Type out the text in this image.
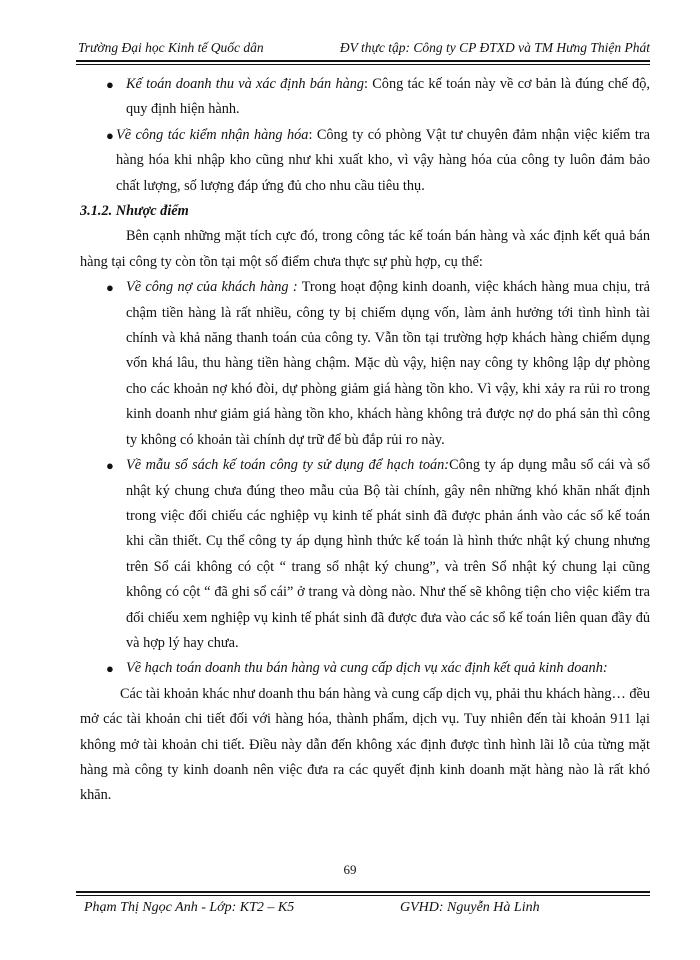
Trường Đại học Kinh tế Quốc dân	ĐV thực tập: Công ty CP ĐTXD và TM Hưng Thiện Phát

● Kế toán doanh thu và xác định bán hàng: Công tác kế toán này về cơ bản là đúng chế độ, quy định hiện hành.

● Về công tác kiểm nhận hàng hóa: Công ty có phòng Vật tư chuyên đảm nhận việc kiểm tra hàng hóa khi nhập kho cũng như khi xuất kho, vì vậy hàng hóa của công ty luôn đảm bảo chất lượng, số lượng đáp ứng đủ cho nhu cầu tiêu thụ.

3.1.2. Nhược điểm

Bên cạnh những mặt tích cực đó, trong công tác kế toán bán hàng và xác định kết quả bán hàng tại công ty còn tồn tại một số điểm chưa thực sự phù hợp, cụ thể:

● Về công nợ của khách hàng : Trong hoạt động kinh doanh, việc khách hàng mua chịu, trả chậm tiền hàng là rất nhiều, công ty bị chiếm dụng vốn, làm ảnh hưởng tới tình hình tài chính và khả năng thanh toán của công ty. Vẫn tồn tại trường hợp khách hàng chiếm dụng vốn khá lâu, thu hàng tiền hàng chậm. Mặc dù vậy, hiện nay công ty không lập dự phòng cho các khoản nợ khó đòi, dự phòng giảm giá hàng tồn kho. Vì vậy, khi xảy ra rủi ro trong kinh doanh như giảm giá hàng tồn kho, khách hàng không trả được nợ do phá sản thì công ty không có khoản tài chính dự trữ để bù đắp rủi ro này.

● Về mẫu sổ sách kế toán công ty sử dụng để hạch toán:Công ty áp dụng mẫu sổ cái và sổ nhật ký chung chưa đúng theo mẫu của Bộ tài chính, gây nên những khó khăn nhất định trong việc đối chiếu các nghiệp vụ kinh tế phát sinh đã được phản ánh vào các sổ kế toán khi cần thiết. Cụ thể công ty áp dụng hình thức kế toán là hình thức nhật ký chung nhưng trên Sổ cái không có cột “ trang sổ nhật ký chung”, và trên Sổ nhật ký chung lại cũng không có cột “ đã ghi sổ cái” ở trang và dòng nào. Như thế sẽ không tiện cho việc kiểm tra đối chiếu xem nghiệp vụ kinh tế phát sinh đã được đưa vào các sổ kế toán liên quan đầy đủ và hợp lý hay chưa.

● Về hạch toán doanh thu bán hàng và cung cấp dịch vụ xác định kết quả kinh doanh:

Các tài khoản khác như doanh thu bán hàng và cung cấp dịch vụ, phải thu khách hàng… đều mở các tài khoản chi tiết đối với hàng hóa, thành phẩm, dịch vụ. Tuy nhiên đến tài khoản 911 lại không mở tài khoản chi tiết. Điều này dẫn đến không xác định được tình hình lãi lỗ của từng mặt hàng mà công ty kinh doanh nên việc đưa ra các quyết định kinh doanh mặt hàng nào là rất khó khăn.

69
Phạm Thị Ngọc Anh - Lớp: KT2 – K5	GVHD: Nguyễn Hà Linh
